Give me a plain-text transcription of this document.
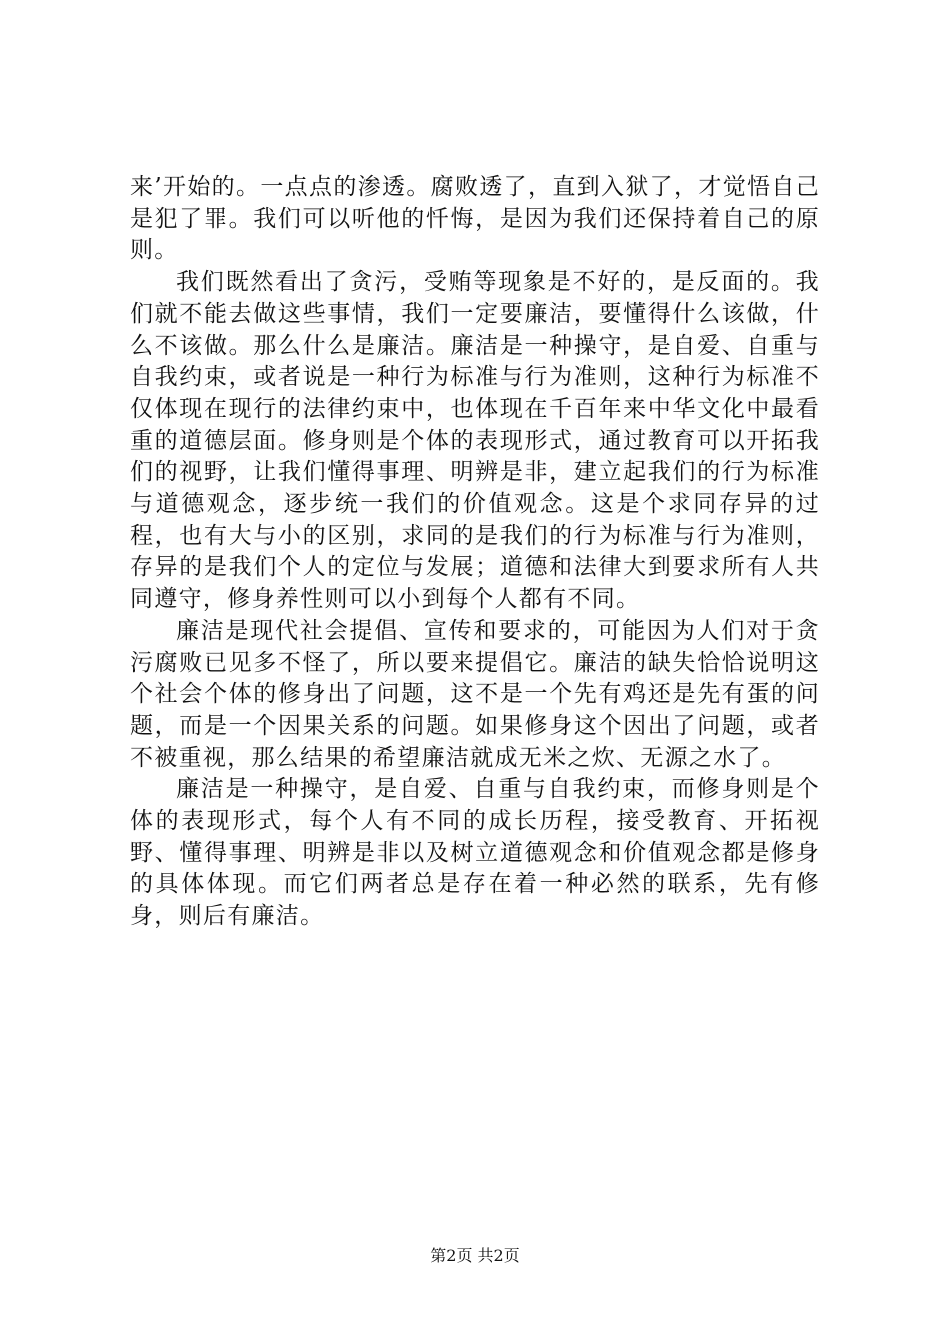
来’开始的。一点点的渗透。腐败透了，直到入狱了，才觉悟自己是犯了罪。我们可以听他的忏悔，是因为我们还保持着自己的原则。

我们既然看出了贪污，受贿等现象是不好的，是反面的。我们就不能去做这些事情，我们一定要廉洁，要懂得什么该做，什么不该做。那么什么是廉洁。廉洁是一种操守，是自爱、自重与自我约束，或者说是一种行为标准与行为准则，这种行为标准不仅体现在现行的法律约束中，也体现在千百年来中华文化中最看重的道德层面。修身则是个体的表现形式，通过教育可以开拓我们的视野，让我们懂得事理、明辨是非，建立起我们的行为标准与道德观念，逐步统一我们的价值观念。这是个求同存异的过程，也有大与小的区别，求同的是我们的行为标准与行为准则，存异的是我们个人的定位与发展；道德和法律大到要求所有人共同遵守，修身养性则可以小到每个人都有不同。

廉洁是现代社会提倡、宣传和要求的，可能因为人们对于贪污腐败已见多不怪了，所以要来提倡它。廉洁的缺失恰恰说明这个社会个体的修身出了问题，这不是一个先有鸡还是先有蛋的问题，而是一个因果关系的问题。如果修身这个因出了问题，或者不被重视，那么结果的希望廉洁就成无米之炊、无源之水了。

廉洁是一种操守，是自爱、自重与自我约束，而修身则是个体的表现形式，每个人有不同的成长历程，接受教育、开拓视野、懂得事理、明辨是非以及树立道德观念和价值观念都是修身的具体体现。而它们两者总是存在着一种必然的联系，先有修身，则后有廉洁。

第2页 共2页
